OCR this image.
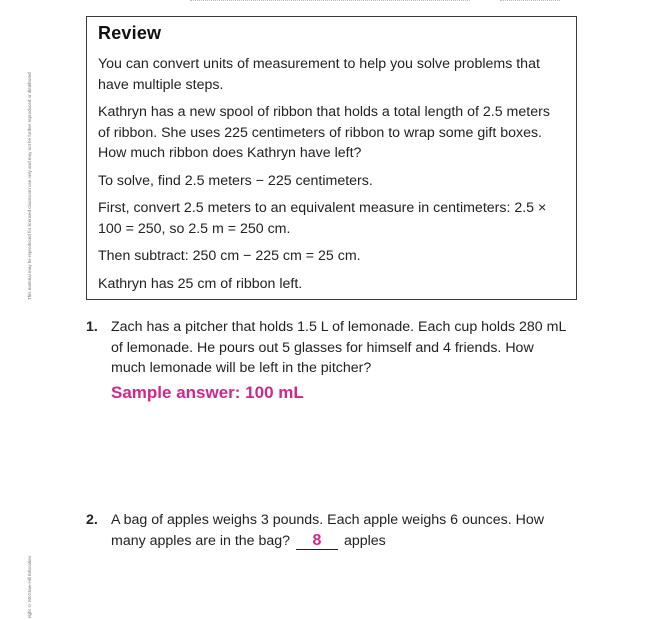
This material may be reproduced for licensed classroom use only and may not be further reproduced or distributed
right © McGraw-Hill Education
Review

You can convert units of measurement to help you solve problems that have multiple steps.

Kathryn has a new spool of ribbon that holds a total length of 2.5 meters of ribbon. She uses 225 centimeters of ribbon to wrap some gift boxes. How much ribbon does Kathryn have left?

To solve, find 2.5 meters − 225 centimeters.

First, convert 2.5 meters to an equivalent measure in centimeters: 2.5 × 100 = 250, so 2.5 m = 250 cm.

Then subtract: 250 cm − 225 cm = 25 cm.

Kathryn has 25 cm of ribbon left.

1. Zach has a pitcher that holds 1.5 L of lemonade. Each cup holds 280 mL of lemonade. He pours out 5 glasses for himself and 4 friends. How much lemonade will be left in the pitcher?
Sample answer: 100 mL
2. A bag of apples weighs 3 pounds. Each apple weighs 6 ounces. How many apples are in the bag? 8 apples
